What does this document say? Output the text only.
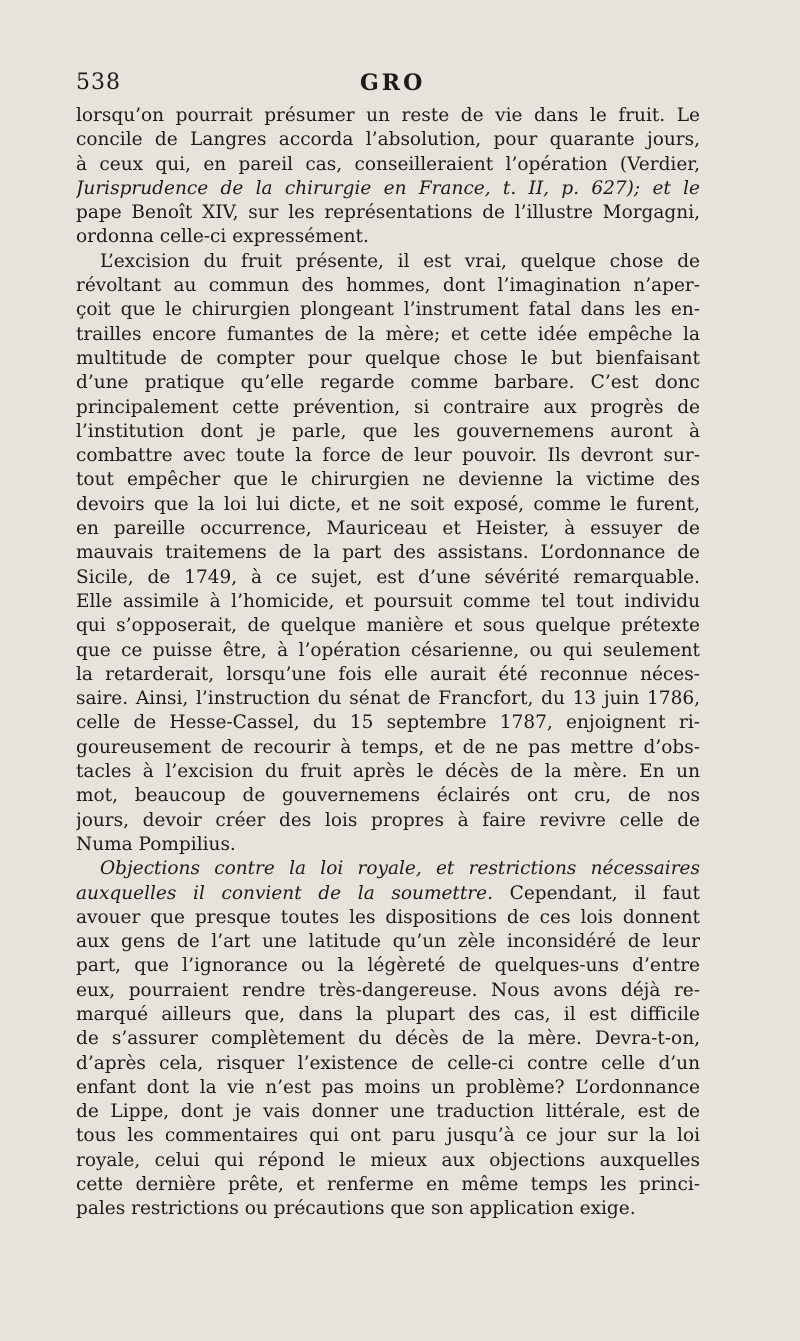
538	GRO
lorsqu’on pourrait présumer un reste de vie dans le fruit. Le
concile de Langres accorda l’absolution, pour quarante jours,
à ceux qui, en pareil cas, conseilleraient l’opération (Verdier,
Jurisprudence de la chirurgie en France, t. II, p. 627); et le
pape Benoît XIV, sur les représentations de l’illustre Morgagni,
ordonna celle-ci expressément.
L’excision du fruit présente, il est vrai, quelque chose de
révoltant au commun des hommes, dont l’imagination n’aper-
çoit que le chirurgien plongeant l’instrument fatal dans les en-
trailles encore fumantes de la mère; et cette idée empêche la
multitude de compter pour quelque chose le but bienfaisant
d’une pratique qu’elle regarde comme barbare. C’est donc
principalement cette prévention, si contraire aux progrès de
l’institution dont je parle, que les gouvernemens auront à
combattre avec toute la force de leur pouvoir. Ils devront sur-
tout empêcher que le chirurgien ne devienne la victime des
devoirs que la loi lui dicte, et ne soit exposé, comme le furent,
en pareille occurrence, Mauriceau et Heister, à essuyer de
mauvais traitemens de la part des assistans. L’ordonnance de
Sicile, de 1749, à ce sujet, est d’une sévérité remarquable.
Elle assimile à l’homicide, et poursuit comme tel tout individu
qui s’opposerait, de quelque manière et sous quelque prétexte
que ce puisse être, à l’opération césarienne, ou qui seulement
la retarderait, lorsqu’une fois elle aurait été reconnue néces-
saire. Ainsi, l’instruction du sénat de Francfort, du 13 juin 1786,
celle de Hesse-Cassel, du 15 septembre 1787, enjoignent ri-
goureusement de recourir à temps, et de ne pas mettre d’obs-
tacles à l’excision du fruit après le décès de la mère. En un
mot, beaucoup de gouvernemens éclairés ont cru, de nos
jours, devoir créer des lois propres à faire revivre celle de
Numa Pompilius.
Objections contre la loi royale, et restrictions nécessaires
auxquelles il convient de la soumettre. Cependant, il faut
avouer que presque toutes les dispositions de ces lois donnent
aux gens de l’art une latitude qu’un zèle inconsidéré de leur
part, que l’ignorance ou la légèreté de quelques-uns d’entre
eux, pourraient rendre très-dangereuse. Nous avons déjà re-
marqué ailleurs que, dans la plupart des cas, il est difficile
de s’assurer complètement du décès de la mère. Devra-t-on,
d’après cela, risquer l’existence de celle-ci contre celle d’un
enfant dont la vie n’est pas moins un problème? L’ordonnance
de Lippe, dont je vais donner une traduction littérale, est de
tous les commentaires qui ont paru jusqu’à ce jour sur la loi
royale, celui qui répond le mieux aux objections auxquelles
cette dernière prête, et renferme en même temps les princi-
pales restrictions ou précautions que son application exige.
